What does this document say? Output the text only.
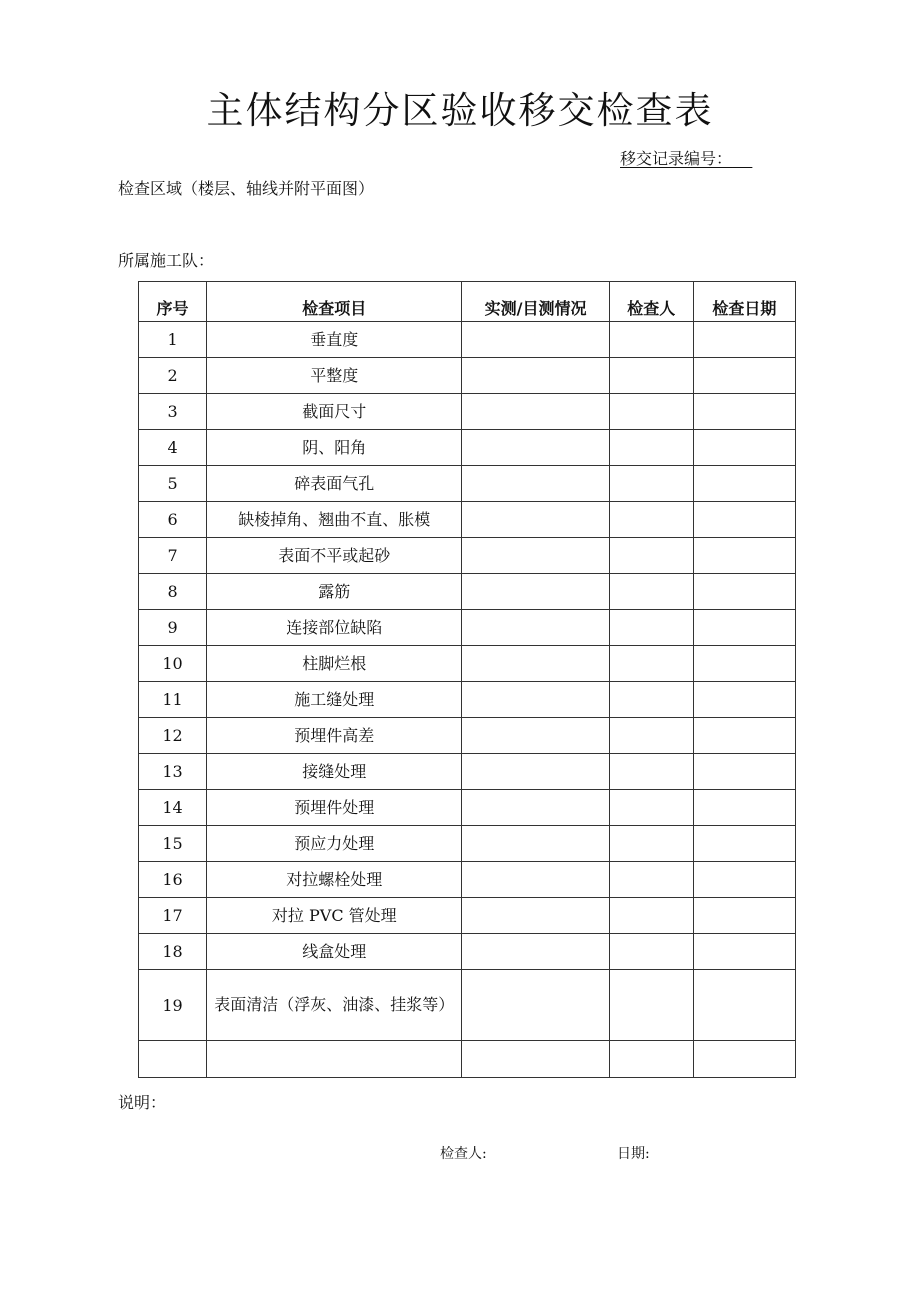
主体结构分区验收移交检查表
移交记录编号：
检查区域（楼层、轴线并附平面图）
所属施工队：
序号	检查项目	实测/目测情况	检查人	检查日期
1	垂直度			
2	平整度			
3	截面尺寸			
4	阴、阳角			
5	碎表面气孔			
6	缺棱掉角、翘曲不直、胀模			
7	表面不平或起砂			
8	露筋			
9	连接部位缺陷			
10	柱脚烂根			
11	施工缝处理			
12	预埋件高差			
13	接缝处理			
14	预埋件处理			
15	预应力处理			
16	对拉螺栓处理			
17	对拉 PVC 管处理			
18	线盒处理			
19	表面清洁（浮灰、油漆、挂浆等）			

说明：
检查人:	日期:
